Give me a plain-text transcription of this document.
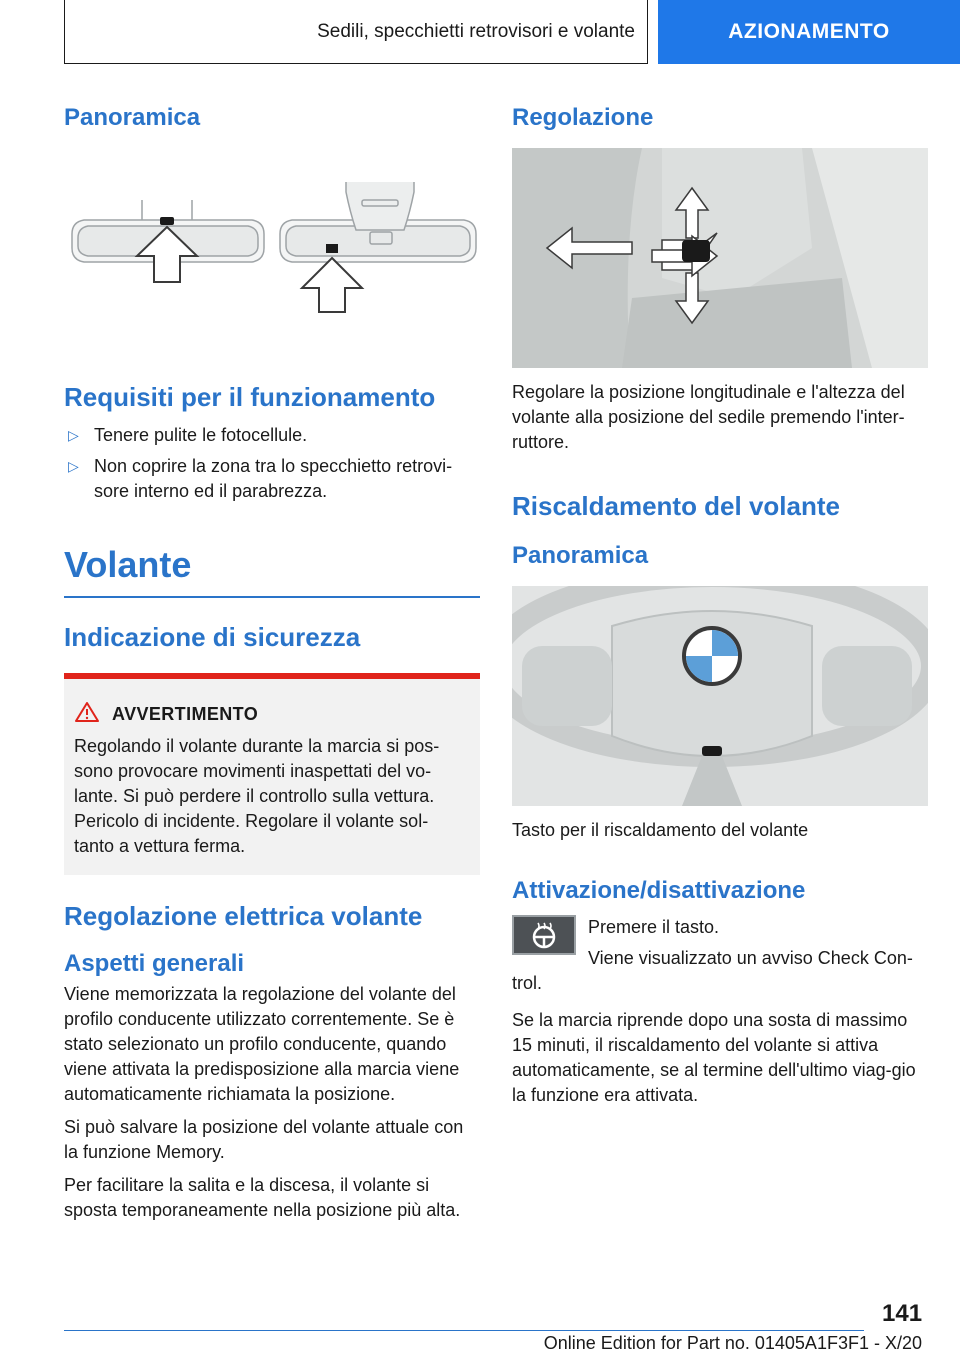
Sedili, specchietti retrovisori e volante	AZIONAMENTO
Panoramica
Requisiti per il funzionamento
▷ Tenere pulite le fotocellule.
▷ Non coprire la zona tra lo specchietto retrovi-sore interno ed il parabrezza.
Volante
Indicazione di sicurezza
AVVERTIMENTO

Regolando il volante durante la marcia si pos-sono provocare movimenti inaspettati del vo-lante. Si può perdere il controllo sulla vettura. Pericolo di incidente. Regolare il volante sol-tanto a vettura ferma.

Regolazione elettrica volante
Aspetti generali

Viene memorizzata la regolazione del volante del profilo conducente utilizzato correntemente. Se è stato selezionato un profilo conducente, quando viene attivata la predisposizione alla marcia viene automaticamente richiamata la posizione.

Si può salvare la posizione del volante attuale con la funzione Memory.

Per facilitare la salita e la discesa, il volante si sposta temporaneamente nella posizione più alta.

Regolazione

Regolare la posizione longitudinale e l'altezza del volante alla posizione del sedile premendo l'inter-ruttore.

Riscaldamento del volante
Panoramica

Tasto per il riscaldamento del volante

Attivazione/disattivazione

Premere il tasto.

Viene visualizzato un avviso Check Con-trol.

Se la marcia riprende dopo una sosta di massimo 15 minuti, il riscaldamento del volante si attiva automaticamente, se al termine dell'ultimo viag-gio la funzione era attivata.

141
Online Edition for Part no. 01405A1F3F1 - X/20
